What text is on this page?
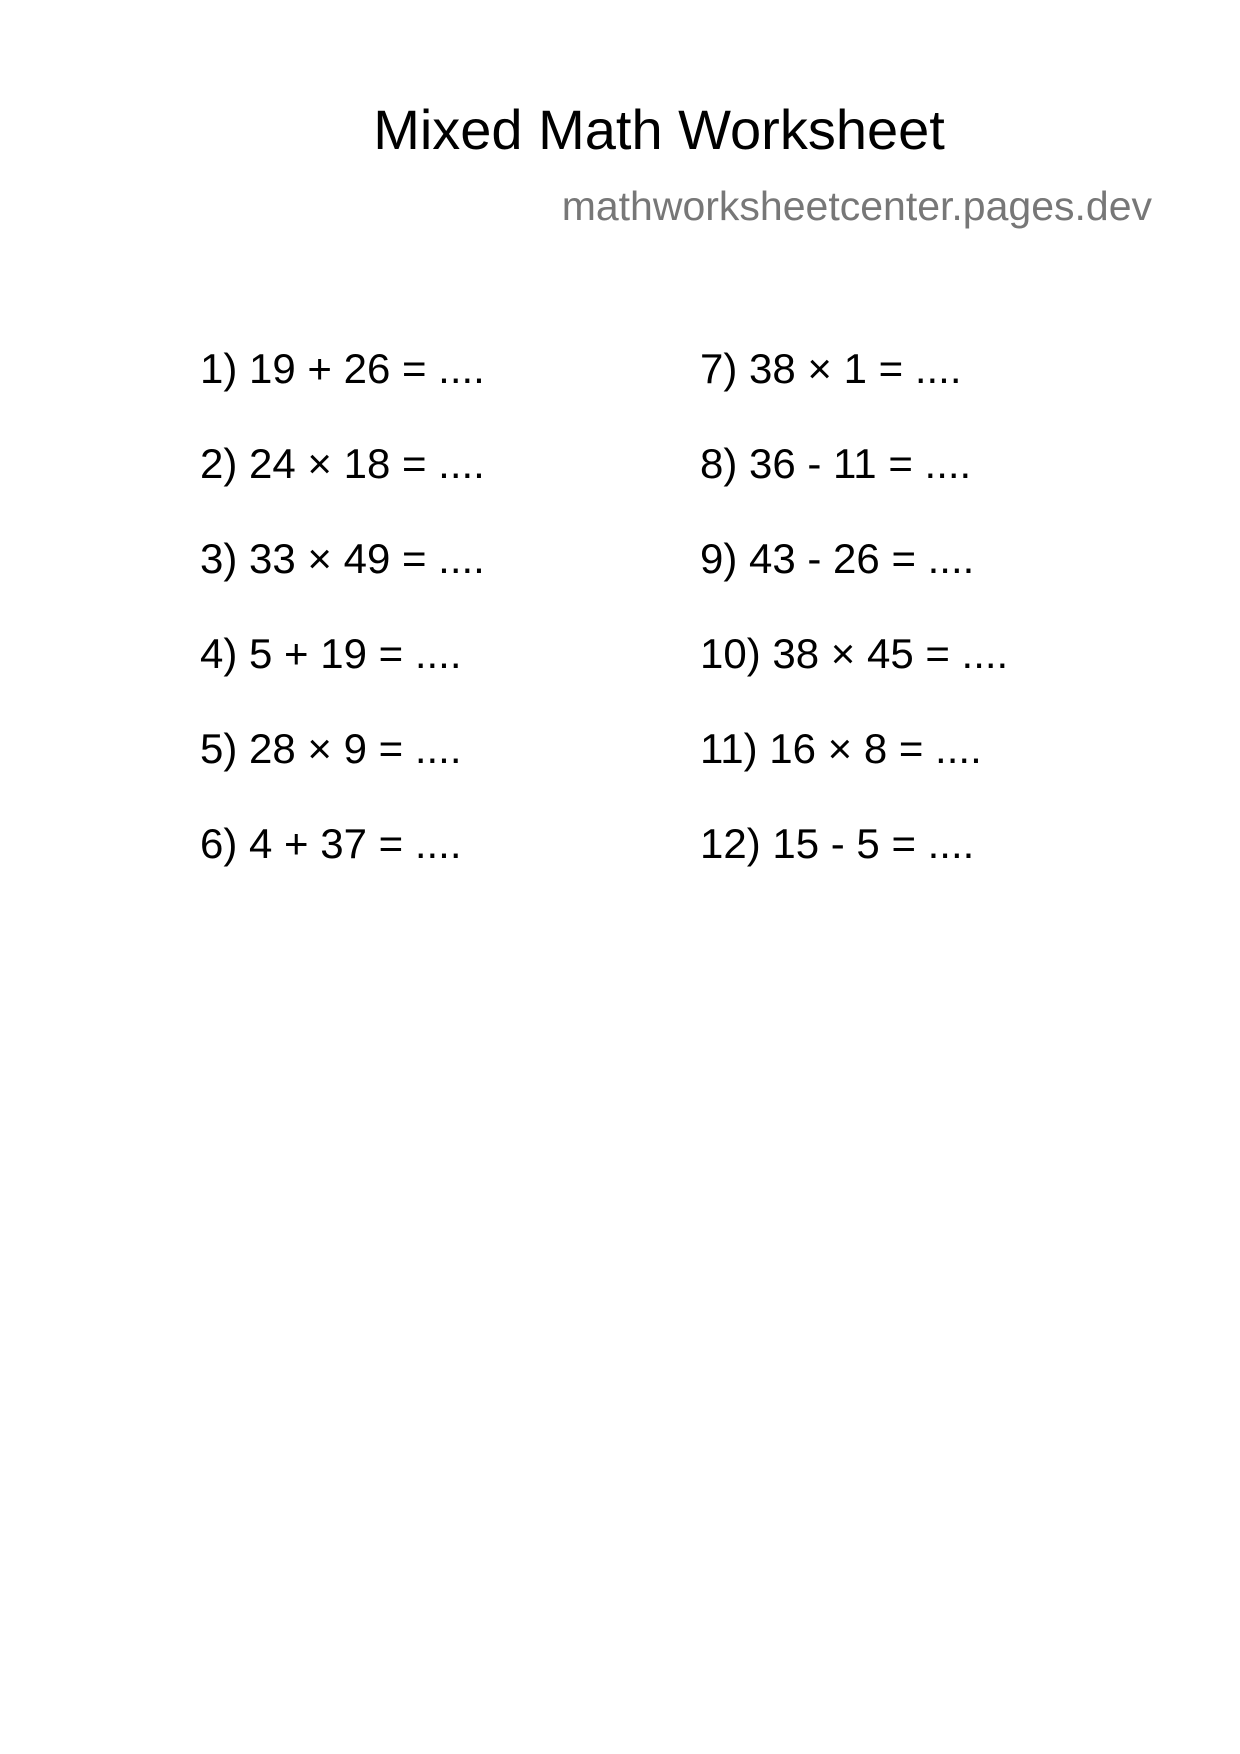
Mixed Math Worksheet
mathworksheetcenter.pages.dev
1) 19 + 26 = ....
2) 24 × 18 = ....
3) 33 × 49 = ....
4) 5 + 19 = ....
5) 28 × 9 = ....
6) 4 + 37 = ....
7) 38 × 1 = ....
8) 36 - 11 = ....
9) 43 - 26 = ....
10) 38 × 45 = ....
11) 16 × 8 = ....
12) 15 - 5 = ....
